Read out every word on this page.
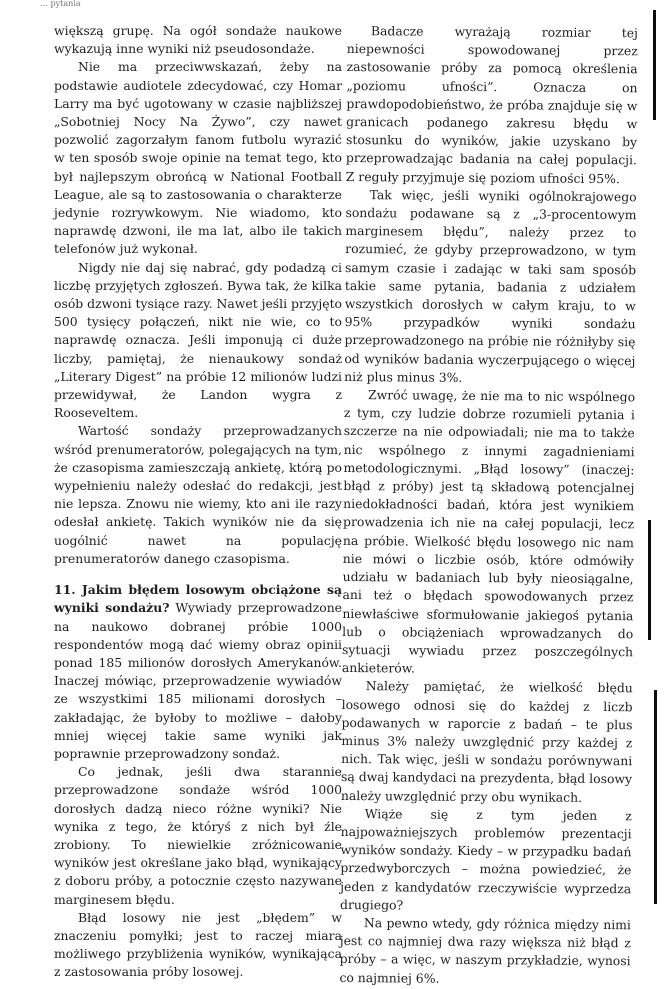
… pytania

większą grupę. Na ogół sondaże naukowe wykazują inne wyniki niż pseudosondaże.

Nie ma przeciwwskazań, żeby na podstawie audiotele zdecydować, czy Homar Larry ma być ugotowany w czasie najbliższej „Sobotniej Nocy Na Żywo”, czy nawet pozwolić zagorzałym fanom futbolu wyrazić w ten sposób swoje opinie na temat tego, kto był najlepszym obrońcą w National Football League, ale są to zastosowania o charakterze jedynie rozrywkowym. Nie wiadomo, kto naprawdę dzwoni, ile ma lat, albo ile takich telefonów już wykonał.

Nigdy nie daj się nabrać, gdy podadzą ci liczbę przyjętych zgłoszeń. Bywa tak, że kilka osób dzwoni tysiące razy. Nawet jeśli przyjęto 500 tysięcy połączeń, nikt nie wie, co to naprawdę oznacza. Jeśli imponują ci duże liczby, pamiętaj, że nienaukowy sondaż „Literary Digest” na próbie 12 milionów ludzi przewidywał, że Landon wygra z Rooseveltem.

Wartość sondaży przeprowadzanych wśród prenumeratorów, polegających na tym, że czasopisma zamieszczają ankietę, którą po wypełnieniu należy odesłać do redakcji, jest nie lepsza. Znowu nie wiemy, kto ani ile razy odesłał ankietę. Takich wyników nie da się uogólnić nawet na populację prenumeratorów danego czasopisma.

11. Jakim błędem losowym obciążone są wyniki sondażu? Wywiady przeprowadzone na naukowo dobranej próbie 1000 respondentów mogą dać wiemy obraz opinii ponad 185 milionów dorosłych Amerykanów. Inaczej mówiąc, przeprowadzenie wywiadów ze wszystkimi 185 milionami dorosłych – zakładając, że byłoby to możliwe – dałoby mniej więcej takie same wyniki jak poprawnie przeprowadzony sondaż.

Co jednak, jeśli dwa starannie przeprowadzone sondaże wśród 1000 dorosłych dadzą nieco różne wyniki? Nie wynika z tego, że któryś z nich był źle zrobiony. To niewielkie zróżnicowanie wyników jest określane jako błąd, wynikający z doboru próby, a potocznie często nazywane marginesem błędu.

Błąd losowy nie jest „błędem” w znaczeniu pomyłki; jest to raczej miara możliwego przybliżenia wyników, wynikająca z zastosowania próby losowej.

Badacze wyrażają rozmiar tej niepewności spowodowanej przez zastosowanie próby za pomocą określenia „poziomu ufności”. Oznacza on prawdopodobieństwo, że próba znajduje się w granicach podanego zakresu błędu w stosunku do wyników, jakie uzyskano by przeprowadzając badania na całej populacji. Z reguły przyjmuje się poziom ufności 95%.

Tak więc, jeśli wyniki ogólnokrajowego sondażu podawane są z „3-procentowym marginesem błędu”, należy przez to rozumieć, że gdyby przeprowadzono, w tym samym czasie i zadając w taki sam sposób takie same pytania, badania z udziałem wszystkich dorosłych w całym kraju, to w 95% przypadków wyniki sondażu przeprowadzonego na próbie nie różniłyby się od wyników badania wyczerpującego o więcej niż plus minus 3%.

Zwróć uwagę, że nie ma to nic wspólnego z tym, czy ludzie dobrze rozumieli pytania i szczerze na nie odpowiadali; nie ma to także nic wspólnego z innymi zagadnieniami metodologicznymi. „Błąd losowy” (inaczej: błąd z próby) jest tą składową potencjalnej niedokładności badań, która jest wynikiem prowadzenia ich nie na całej populacji, lecz na próbie. Wielkość błędu losowego nic nam nie mówi o liczbie osób, które odmówiły udziału w badaniach lub były nieosiągalne, ani też o błędach spowodowanych przez niewłaściwe sformułowanie jakiegoś pytania lub o obciążeniach wprowadzanych do sytuacji wywiadu przez poszczególnych ankieterów.

Należy pamiętać, że wielkość błędu losowego odnosi się do każdej z liczb podawanych w raporcie z badań – te plus minus 3% należy uwzględnić przy każdej z nich. Tak więc, jeśli w sondażu porównywani są dwaj kandydaci na prezydenta, błąd losowy należy uwzględnić przy obu wynikach.

Wiąże się z tym jeden z najpoważniejszych problemów prezentacji wyników sondaży. Kiedy – w przypadku badań przedwyborczych – można powiedzieć, że jeden z kandydatów rzeczywiście wyprzedza drugiego?

Na pewno wtedy, gdy różnica między nimi jest co najmniej dwa razy większa niż błąd z próby – a więc, w naszym przykładzie, wynosi co najmniej 6%.
